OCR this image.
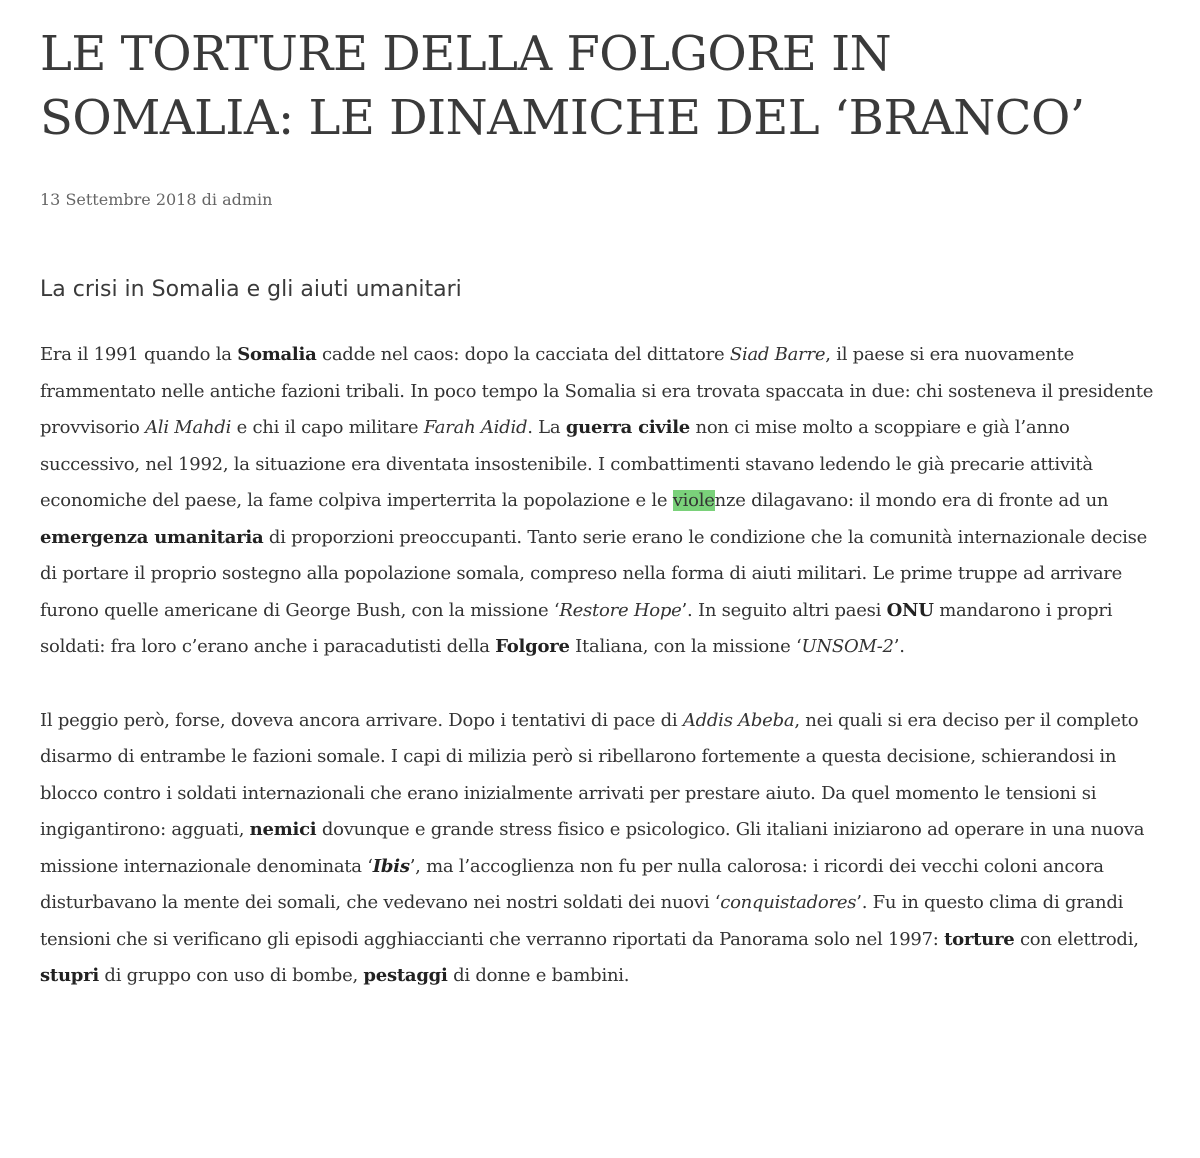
LE TORTURE DELLA FOLGORE IN SOMALIA: LE DINAMICHE DEL ‘BRANCO’
13 Settembre 2018 di admin
La crisi in Somalia e gli aiuti umanitari

Era il 1991 quando la Somalia cadde nel caos: dopo la cacciata del dittatore Siad Barre, il paese si era nuovamente frammentato nelle antiche fazioni tribali. In poco tempo la Somalia si era trovata spaccata in due: chi sosteneva il presidente provvisorio Ali Mahdi e chi il capo militare Farah Aidid. La guerra civile non ci mise molto a scoppiare e già l’anno successivo, nel 1992, la situazione era diventata insostenibile. I combattimenti stavano ledendo le già precarie attività economiche del paese, la fame colpiva imperterrita la popolazione e le violenze dilagavano: il mondo era di fronte ad un emergenza umanitaria di proporzioni preoccupanti. Tanto serie erano le condizione che la comunità internazionale decise di portare il proprio sostegno alla popolazione somala, compreso nella forma di aiuti militari. Le prime truppe ad arrivare furono quelle americane di George Bush, con la missione ‘Restore Hope’. In seguito altri paesi ONU mandarono i propri soldati: fra loro c’erano anche i paracadutisti della Folgore Italiana, con la missione ‘UNSOM-2’.

Il peggio però, forse, doveva ancora arrivare. Dopo i tentativi di pace di Addis Abeba, nei quali si era deciso per il completo disarmo di entrambe le fazioni somale. I capi di milizia però si ribellarono fortemente a questa decisione, schierandosi in blocco contro i soldati internazionali che erano inizialmente arrivati per prestare aiuto. Da quel momento le tensioni si ingigantirono: agguati, nemici dovunque e grande stress fisico e psicologico. Gli italiani iniziarono ad operare in una nuova missione internazionale denominata ‘Ibis’, ma l’accoglienza non fu per nulla calorosa: i ricordi dei vecchi coloni ancora disturbavano la mente dei somali, che vedevano nei nostri soldati dei nuovi ‘conquistadores’. Fu in questo clima di grandi tensioni che si verificano gli episodi agghiaccianti che verranno riportati da Panorama solo nel 1997: torture con elettrodi, stupri di gruppo con uso di bombe, pestaggi di donne e bambini.
